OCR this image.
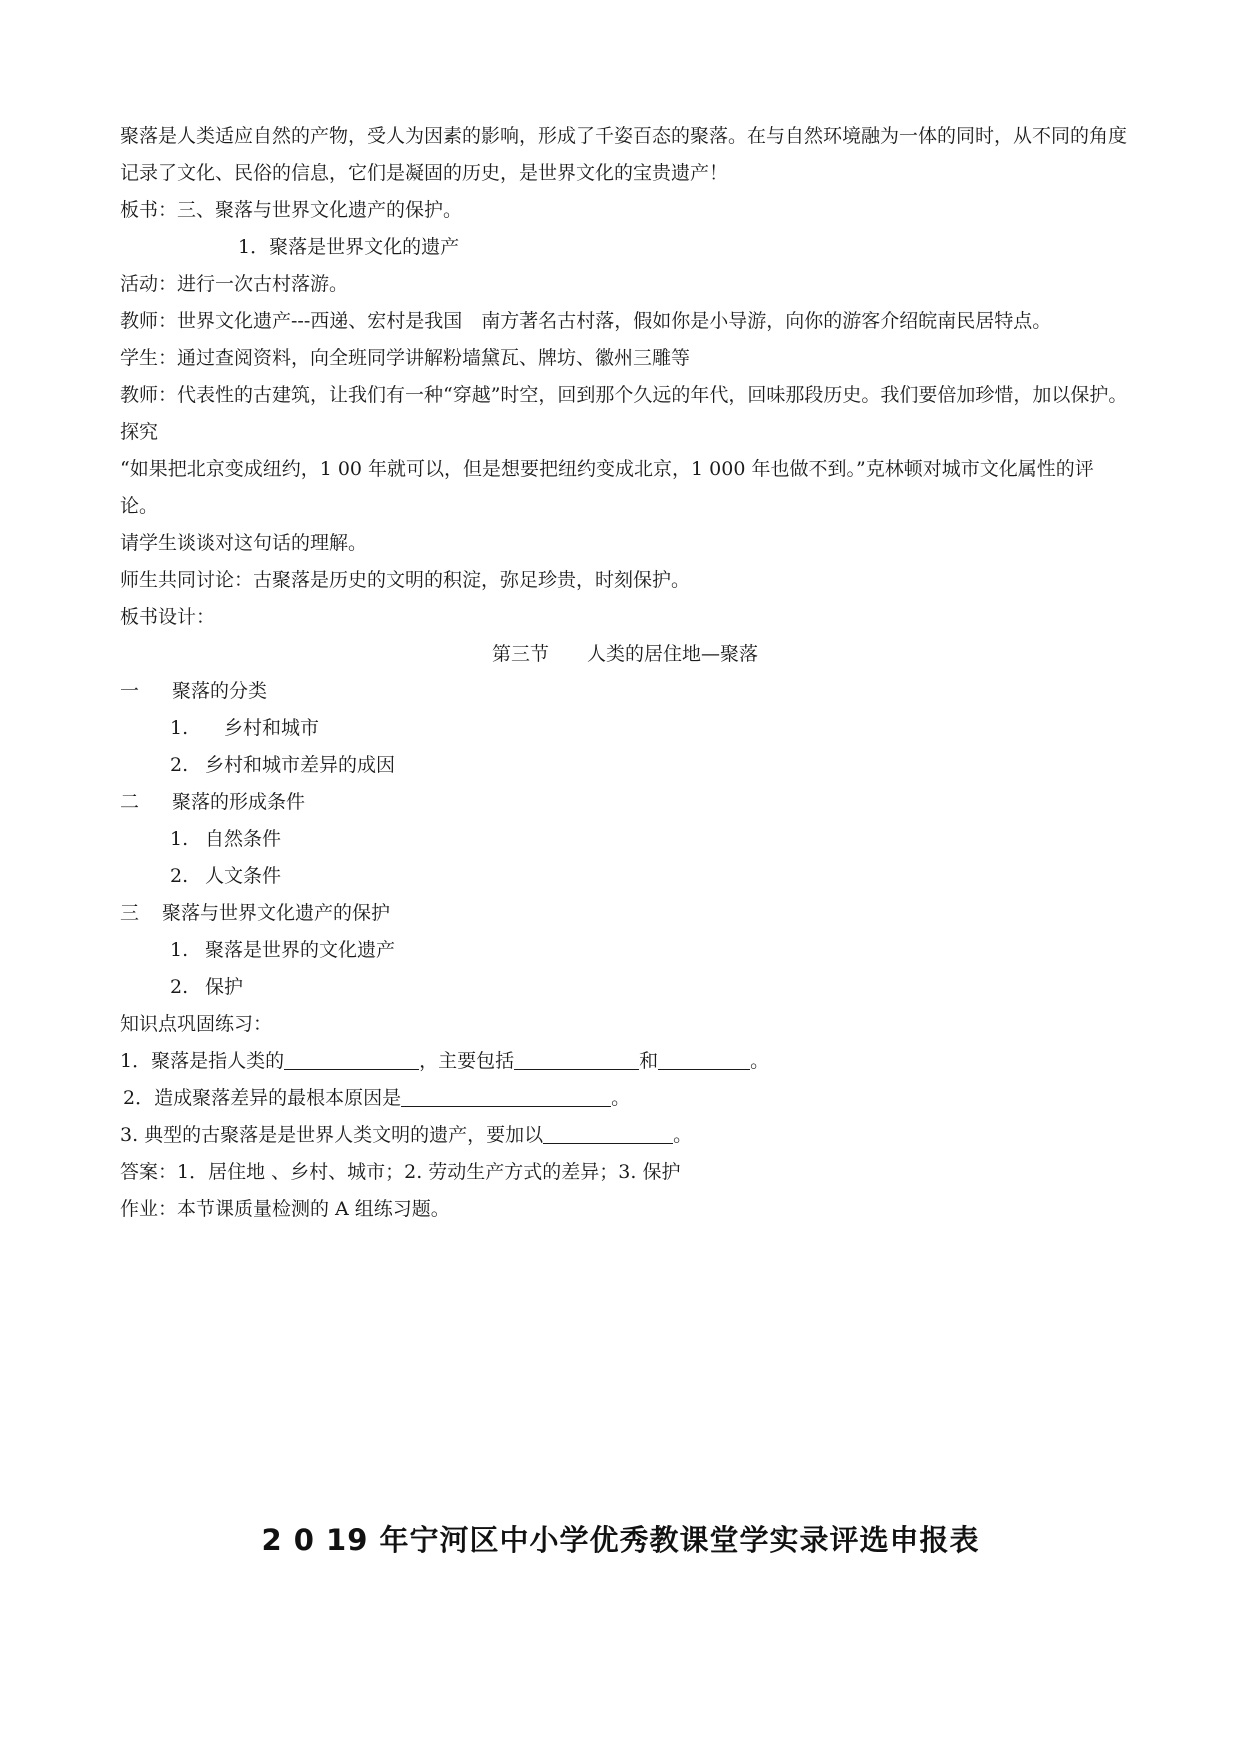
聚落是人类适应自然的产物，受人为因素的影响，形成了千姿百态的聚落。在与自然环境融为一体的同时，从不同的角度记录了文化、民俗的信息，它们是凝固的历史，是世界文化的宝贵遗产！
板书：三、聚落与世界文化遗产的保护。
1．聚落是世界文化的遗产
活动：进行一次古村落游。
教师：世界文化遗产---西递、宏村是我国　南方著名古村落，假如你是小导游，向你的游客介绍皖南民居特点。
学生：通过查阅资料，向全班同学讲解粉墙黛瓦、牌坊、徽州三雕等
教师：代表性的古建筑，让我们有一种“穿越”时空，回到那个久远的年代，回味那段历史。我们要倍加珍惜，加以保护。
探究
“如果把北京变成纽约，1 00 年就可以，但是想要把纽约变成北京，1 000 年也做不到。”克林顿对城市文化属性的评论。
请学生谈谈对这句话的理解。
师生共同讨论：古聚落是历史的文明的积淀，弥足珍贵，时刻保护。
板书设计：
第三节　　人类的居住地—聚落
一 聚落的分类
1.　乡村和城市
2. 乡村和城市差异的成因
二 聚落的形成条件
1. 自然条件
2. 人文条件
三 聚落与世界文化遗产的保护
1. 聚落是世界的文化遗产
2. 保护
知识点巩固练习：
1．聚落是指人类的	，主要包括	和	。
2．造成聚落差异的最根本原因是	。
3. 典型的古聚落是是世界人类文明的遗产，要加以	。
答案：1．居住地 、乡村、城市；2. 劳动生产方式的差异；3. 保护
作业：本节课质量检测的 A 组练习题。
2 0 19 年宁河区中小学优秀教课堂学实录评选申报表
